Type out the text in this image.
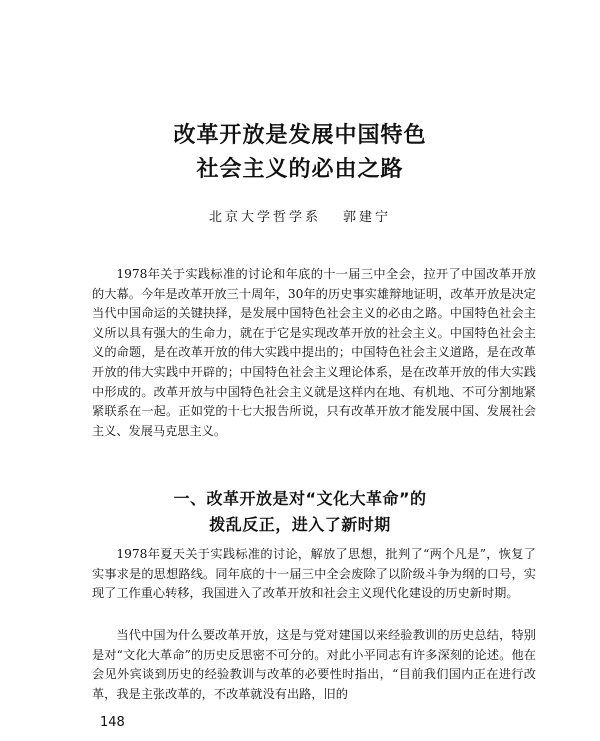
改革开放是发展中国特色
社会主义的必由之路
北京大学哲学系 郭建宁

1978年关于实践标准的讨论和年底的十一届三中全会，拉开了中国改革开放的大幕。今年是改革开放三十周年，30年的历史事实雄辩地证明，改革开放是决定当代中国命运的关键抉择，是发展中国特色社会主义的必由之路。中国特色社会主义所以具有强大的生命力，就在于它是实现改革开放的社会主义。中国特色社会主义的命题，是在改革开放的伟大实践中提出的；中国特色社会主义道路，是在改革开放的伟大实践中开辟的；中国特色社会主义理论体系，是在改革开放的伟大实践中形成的。改革开放与中国特色社会主义就是这样内在地、有机地、不可分割地紧紧联系在一起。正如党的十七大报告所说，只有改革开放才能发展中国、发展社会主义、发展马克思主义。

一、改革开放是对“文化大革命”的
拨乱反正，进入了新时期

1978年夏天关于实践标准的讨论，解放了思想，批判了“两个凡是”，恢复了实事求是的思想路线。同年底的十一届三中全会废除了以阶级斗争为纲的口号，实现了工作重心转移，我国进入了改革开放和社会主义现代化建设的历史新时期。

当代中国为什么要改革开放，这是与党对建国以来经验教训的历史总结，特别是对“文化大革命”的历史反思密不可分的。对此小平同志有许多深刻的论述。他在会见外宾谈到历史的经验教训与改革的必要性时指出，“目前我们国内正在进行改革，我是主张改革的，不改革就没有出路，旧的

148
